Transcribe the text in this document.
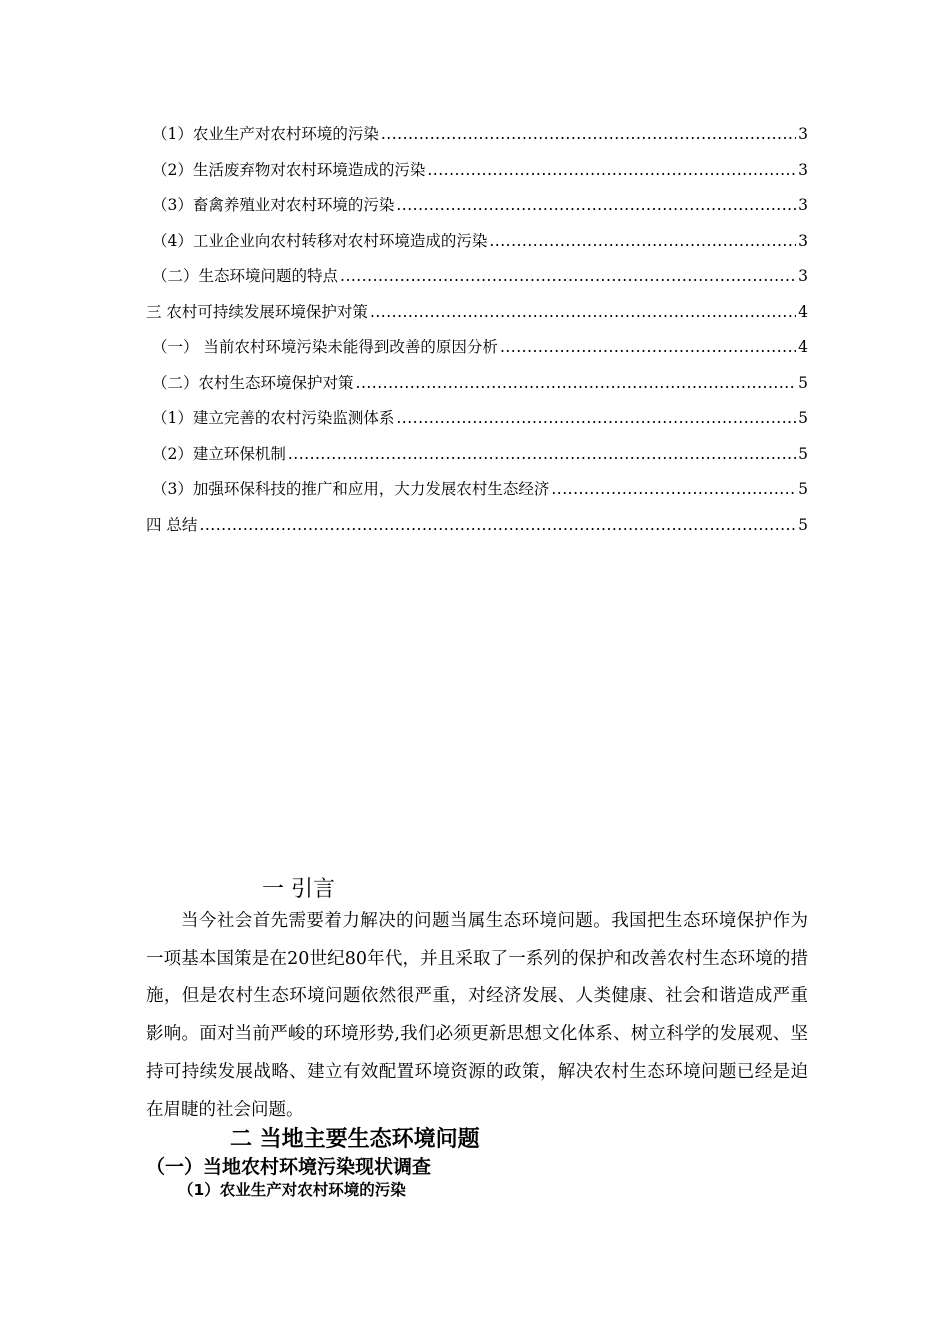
（1）农业生产对农村环境的污染 .....	3
（2）生活废弃物对农村环境造成的污染 .....	3
（3）畜禽养殖业对农村环境的污染 .....	3
（4）工业企业向农村转移对农村环境造成的污染 .....	3
（二）生态环境问题的特点 .....	3
三 农村可持续发展环境保护对策 .....	4
（一） 当前农村环境污染未能得到改善的原因分析 .....	4
（二）农村生态环境保护对策 .....	5
（1）建立完善的农村污染监测体系 .....	5
（2）建立环保机制 .....	5
（3）加强环保科技的推广和应用，大力发展农村生态经济 .....	5
四 总结 .....	5
一 引言

当今社会首先需要着力解决的问题当属生态环境问题。我国把生态环境保护作为一项基本国策是在20世纪80年代，并且采取了一系列的保护和改善农村生态环境的措施，但是农村生态环境问题依然很严重，对经济发展、人类健康、社会和谐造成严重影响。面对当前严峻的环境形势,我们必须更新思想文化体系、树立科学的发展观、坚持可持续发展战略、建立有效配置环境资源的政策，解决农村生态环境问题已经是迫在眉睫的社会问题。

二 当地主要生态环境问题
（一）当地农村环境污染现状调查
（1）农业生产对农村环境的污染
